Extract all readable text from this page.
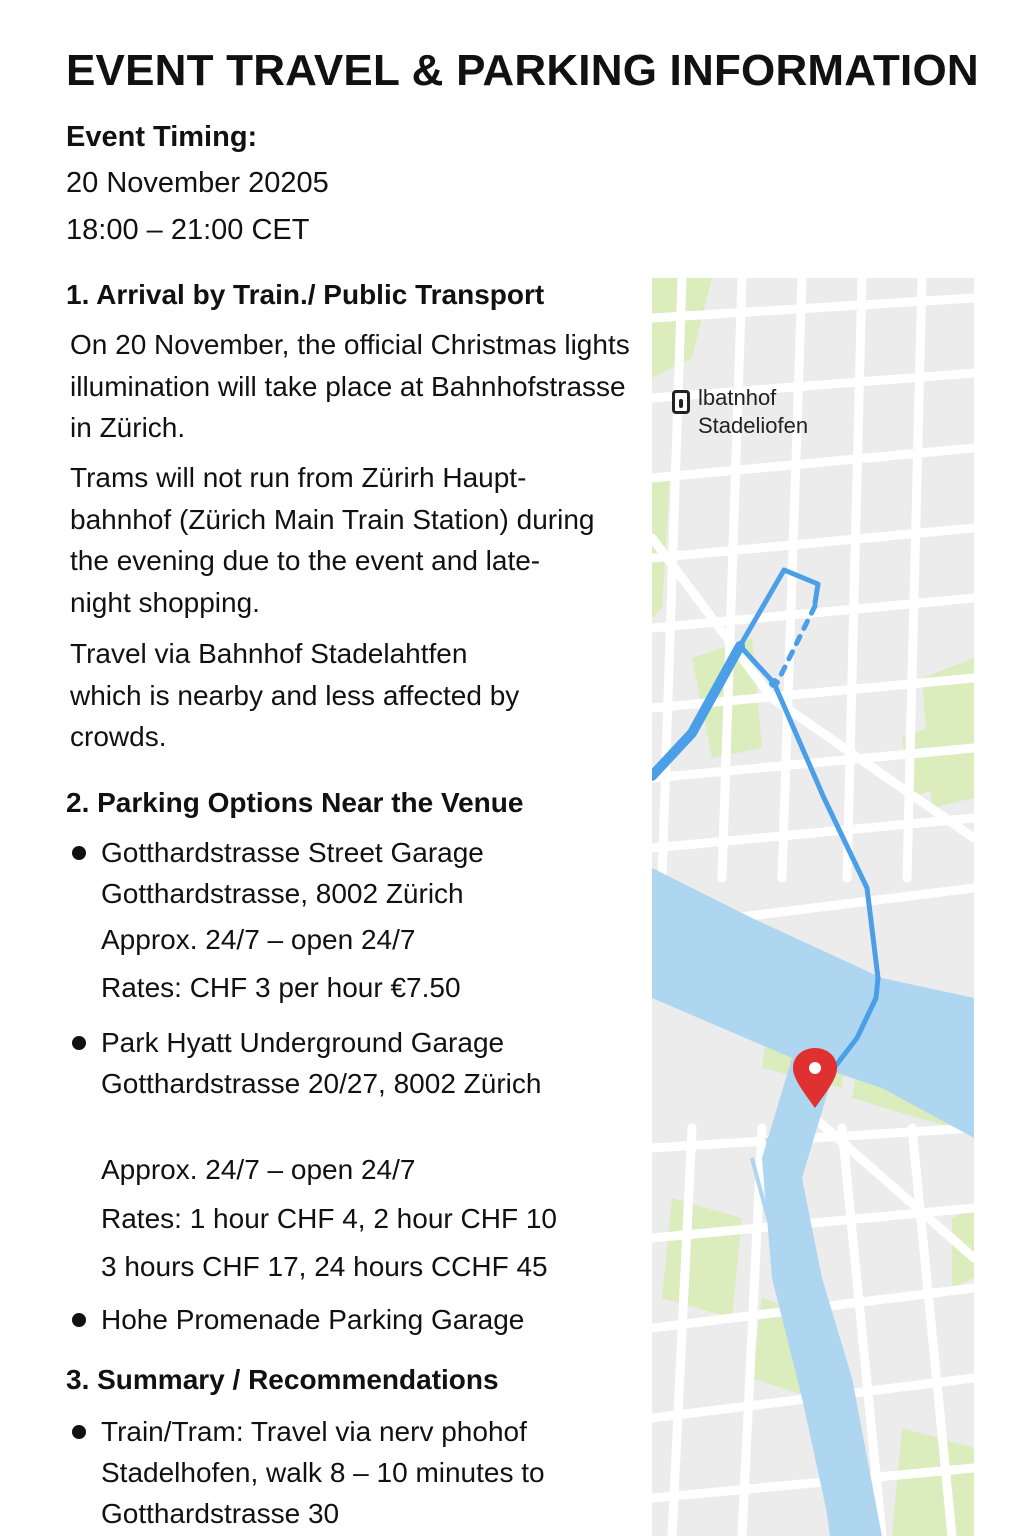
EVENT TRAVEL & PARKING INFORMATION
Event Timing:
20 November 20205
18:00 – 21:00 CET
1. Arrival by Train./ Public Transport
On 20 November, the official Christmas lights illumination will take place at Bahnhofstrasse in Zürich.
Trams will not run from Zürirh Haupt- bahnhof (Zürich Main Train Station) during the evening due to the event and late-night shopping.
Travel via Bahnhof Stadelahtfen which is nearby and less affected by crowds.
2. Parking Options Near the Venue
Gotthardstrasse Street Garage Gotthardstrasse, 8002 Zürich
Approx. 24/7 – open 24/7
Rates: CHF 3 per hour €7.50
Park Hyatt Underground Garage Gotthardstrasse 20/27, 8002 Zürich
Approx. 24/7 – open 24/7
Rates: 1 hour CHF 4, 2 hour CHF 10
3 hours CHF 17, 24 hours CCHF 45
Hohe Promenade Parking Garage
3. Summary / Recommendations
Train/Tram: Travel via nerv phohof Stadelhofen, walk 8 – 10 minutes to Gotthardstrasse 30
lbatnhof
Stadeliofen
